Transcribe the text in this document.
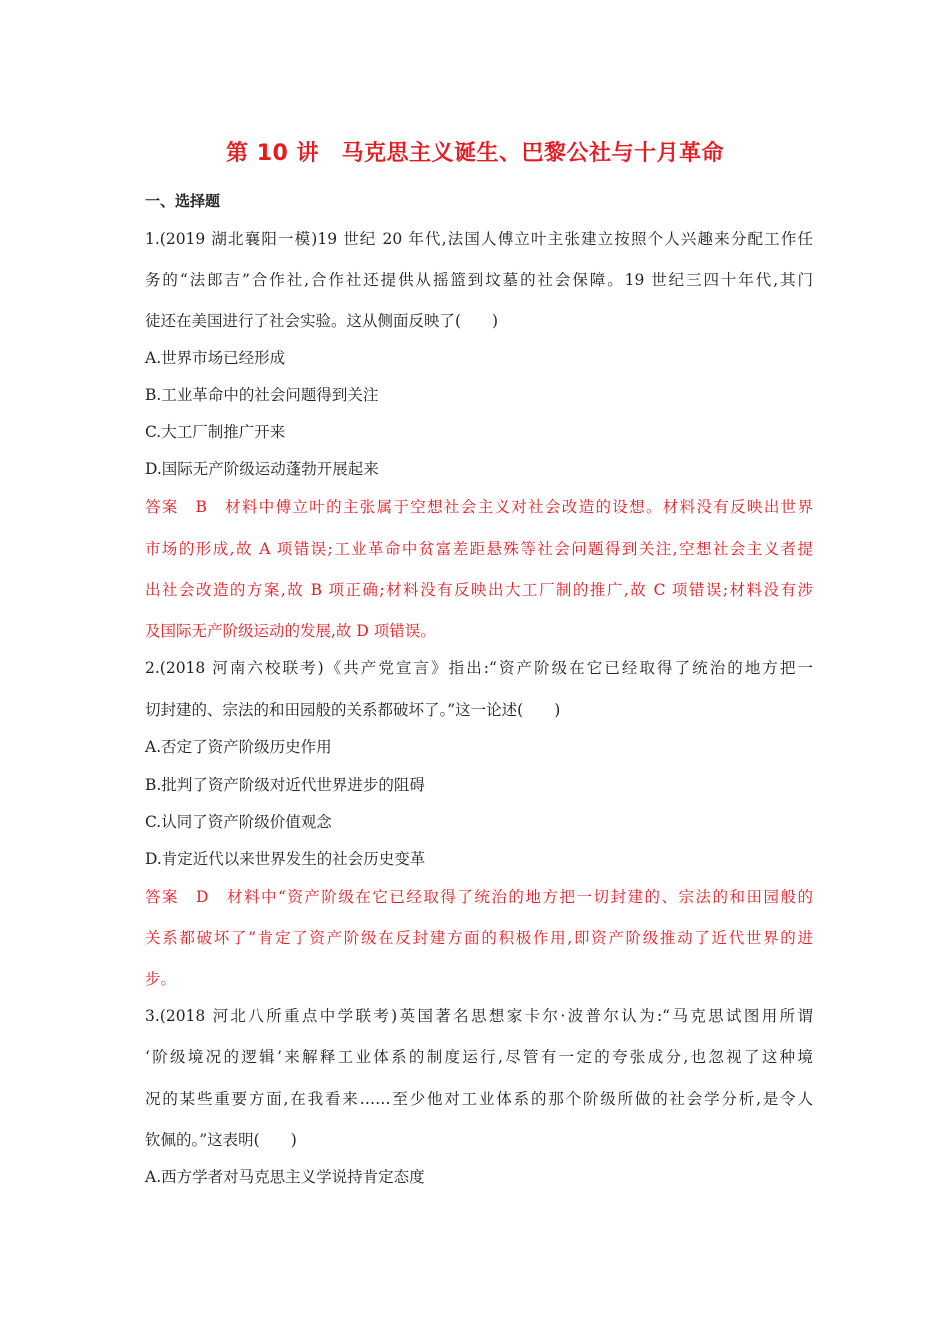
第 10 讲　马克思主义诞生、巴黎公社与十月革命
一、选择题
1.(2019 湖北襄阳一模)19 世纪 20 年代,法国人傅立叶主张建立按照个人兴趣来分配工作任
务的“法郎吉”合作社,合作社还提供从摇篮到坟墓的社会保障。19 世纪三四十年代,其门
徒还在美国进行了社会实验。这从侧面反映了(　　)
A.世界市场已经形成
B.工业革命中的社会问题得到关注
C.大工厂制推广开来
D.国际无产阶级运动蓬勃开展起来
答案　B　材料中傅立叶的主张属于空想社会主义对社会改造的设想。材料没有反映出世界
市场的形成,故 A 项错误;工业革命中贫富差距悬殊等社会问题得到关注,空想社会主义者提
出社会改造的方案,故 B 项正确;材料没有反映出大工厂制的推广,故 C 项错误;材料没有涉
及国际无产阶级运动的发展,故 D 项错误。
2.(2018 河南六校联考)《共产党宣言》指出:“资产阶级在它已经取得了统治的地方把一
切封建的、宗法的和田园般的关系都破坏了。”这一论述(　　)
A.否定了资产阶级历史作用
B.批判了资产阶级对近代世界进步的阻碍
C.认同了资产阶级价值观念
D.肯定近代以来世界发生的社会历史变革
答案　D　材料中“资产阶级在它已经取得了统治的地方把一切封建的、宗法的和田园般的
关系都破坏了”肯定了资产阶级在反封建方面的积极作用,即资产阶级推动了近代世界的进
步。
3.(2018 河北八所重点中学联考)英国著名思想家卡尔·波普尔认为:“马克思试图用所谓
‘阶级境况的逻辑’来解释工业体系的制度运行,尽管有一定的夸张成分,也忽视了这种境
况的某些重要方面,在我看来……至少他对工业体系的那个阶级所做的社会学分析,是令人
钦佩的。”这表明(　　)
A.西方学者对马克思主义学说持肯定态度
